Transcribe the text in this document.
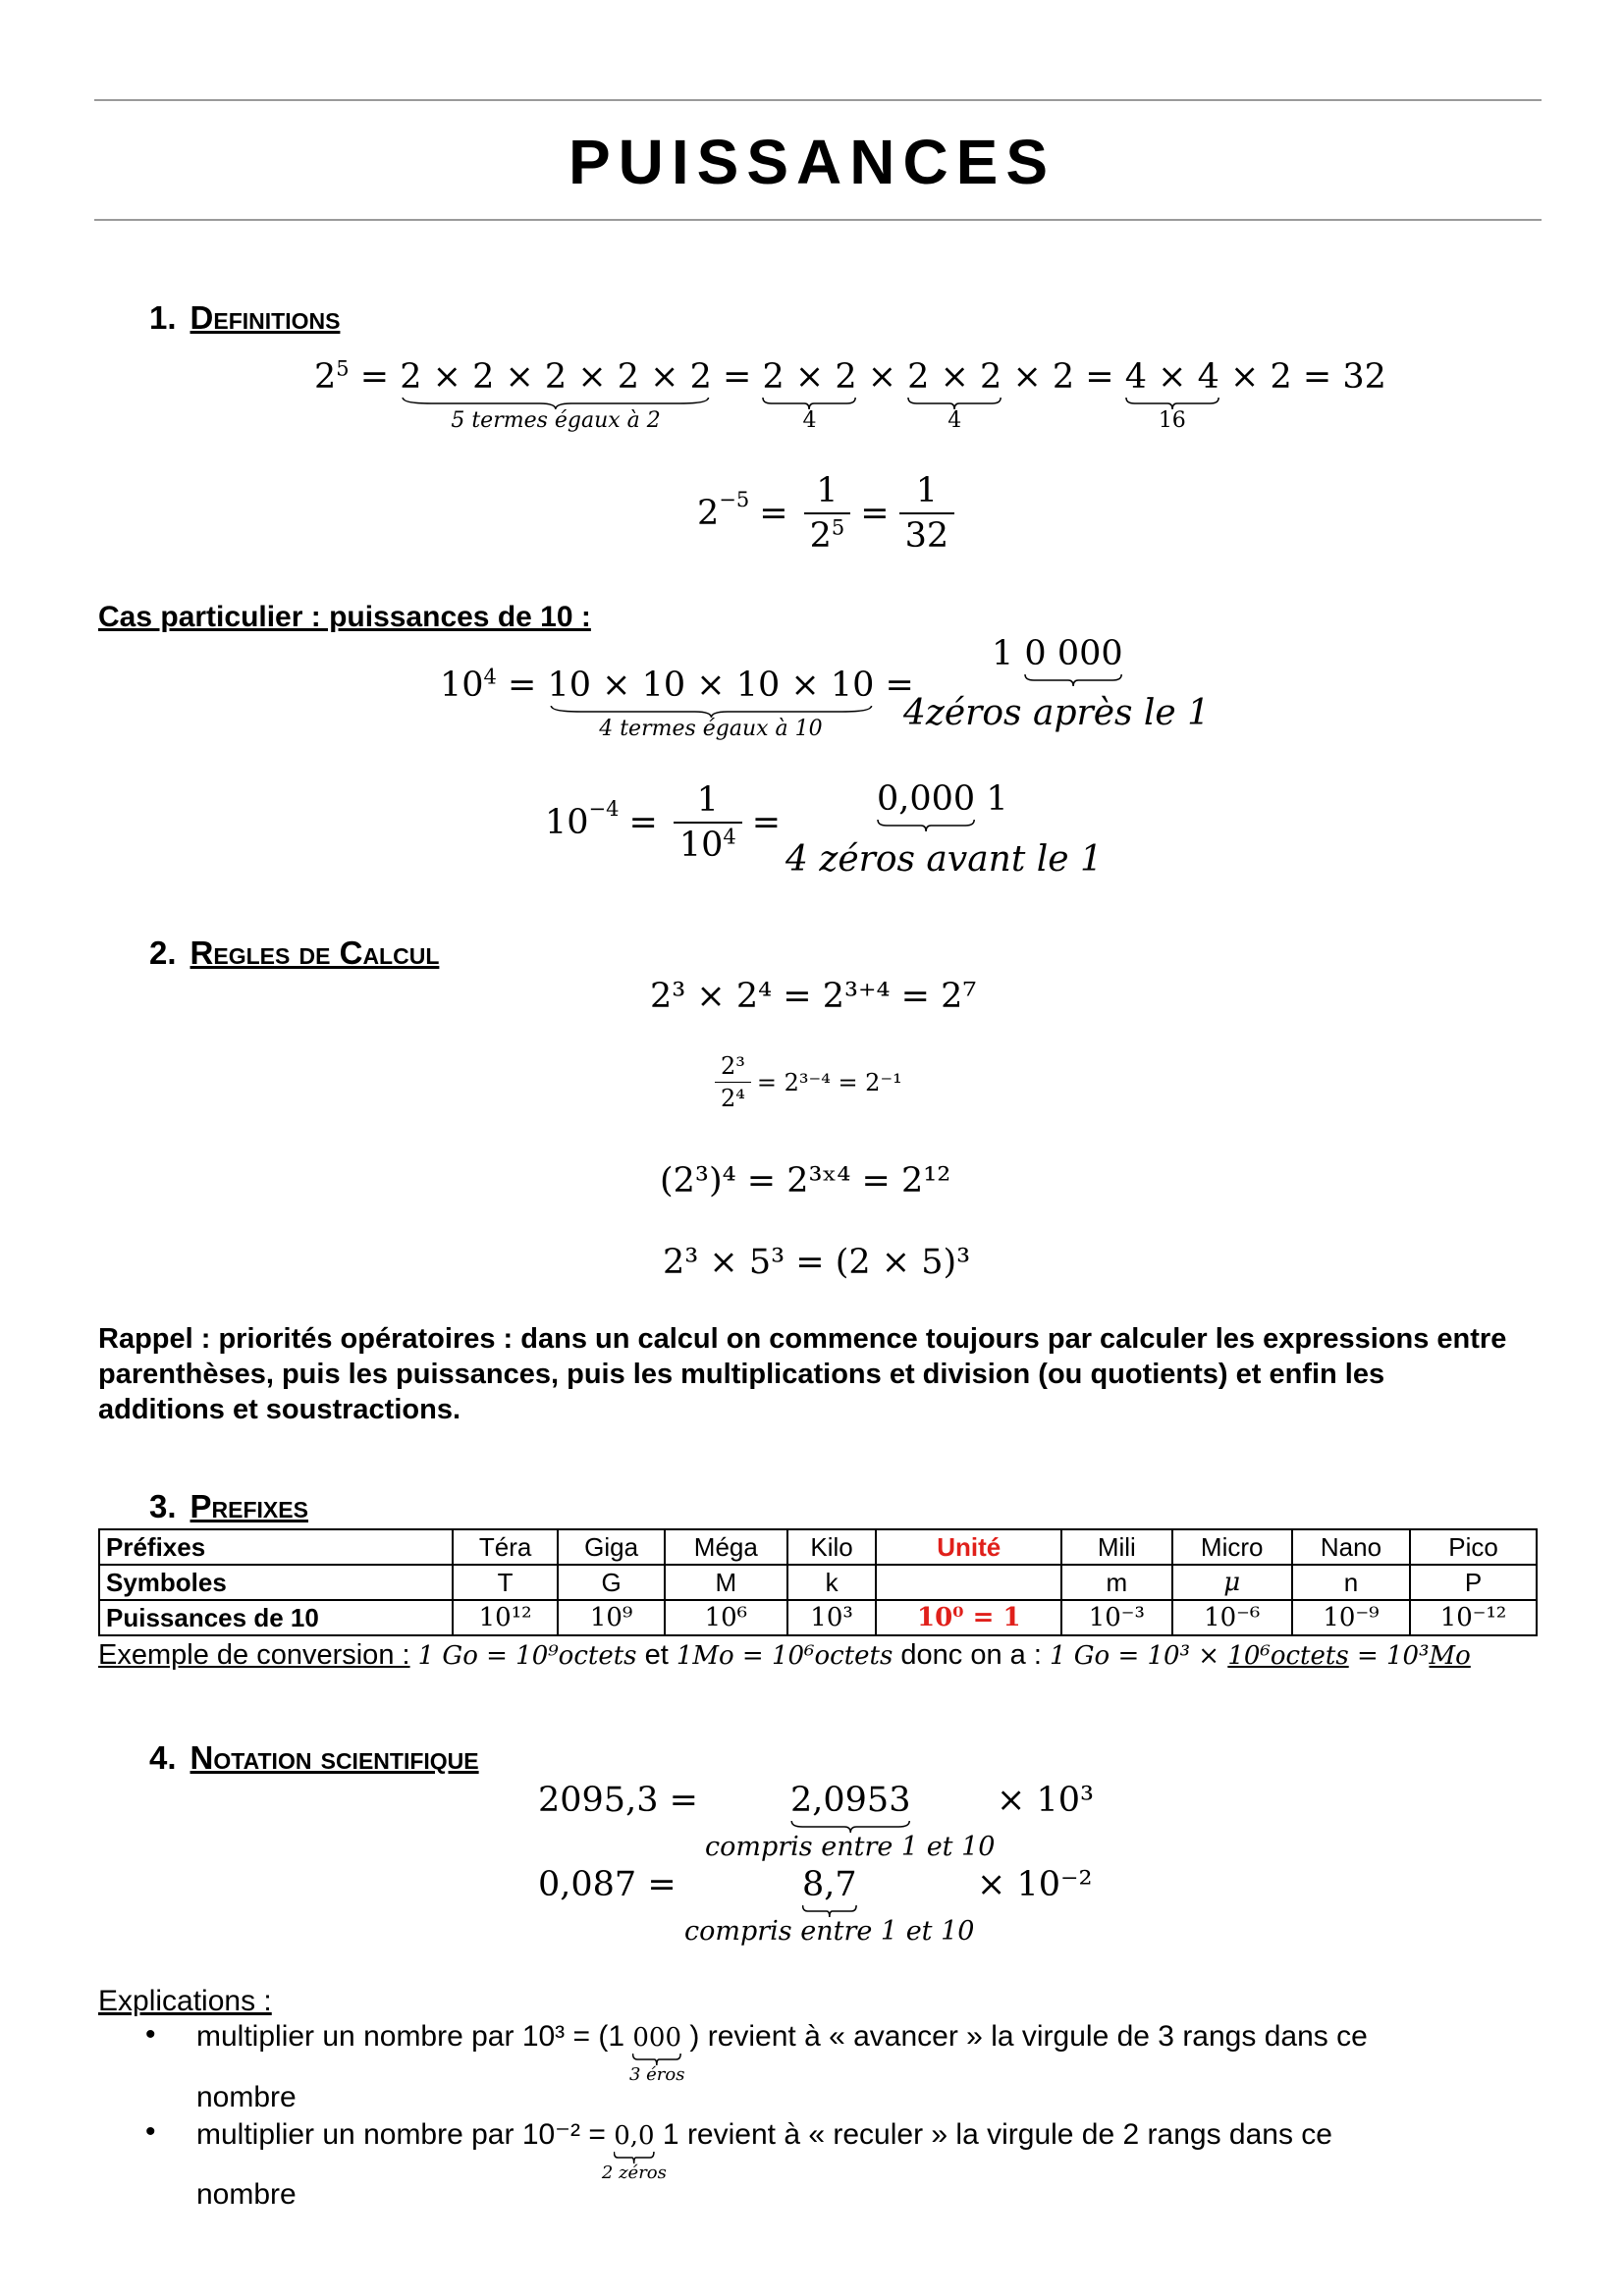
PUISSANCES
1. Definitions
$2^5 = 2 \times 2 \times 2 \times 2 \times 2$
5 termes égaux à 2
= 2 × 2
4
× 2 × 2
4
× 2 = 4 × 4
16
× 2 = 32
$2^{-5} = \frac{1}{2^5} = \frac{1}{32}$
Cas particulier : puissances de 10 :
$10^4 = 10 \times 10 \times 10 \times 10$
4 termes égaux à 10
=
1 0 000
4zéros après le 1
$10^{-4} = \frac{1}{10^4}$ =
0,000 1
4 zéros avant le 1
2. Regles de Calcul
2³ × 2⁴ = 2³⁺⁴ = 2⁷
$\frac{\text{2³}}{\text{2⁴}} = 2^{3-4} = 2^{-1}$
(2³)⁴ = 2³ˣ⁴ = 2¹²
2³ × 5³ = (2 × 5)³
Rappel : priorités opératoires : dans un calcul on commence toujours par calculer les expressions entre parenthèses, puis les puissances, puis les multiplications et division (ou quotients) et enfin les additions et soustractions.
3. Prefixes
Préfixes	Téra	Giga	Méga	Kilo	Unité	Mili	Micro	Nano	Pico
Symboles	T	G	M	k		m	μ	n	P
Puissances de 10	10¹²	10⁹	10⁶	10³	10⁰ = 1	10⁻³	10⁻⁶	10⁻⁹	10⁻¹²
Exemple de conversion : 1 Go = 10⁹octets et 1Mo = 10⁶octets donc on a : 1 Go = 10³ × 10⁶octets = 10³Mo
4. Notation scientifique
2095,3 =	2,0953
compris entre 1 et 10
× 10³
0,087 =	8,7
compris entre 1 et 10
× 10⁻²
Explications :
• multiplier un nombre par 10³ = (1 000
3 éros
) revient à « avancer » la virgule de 3 rangs dans ce
nombre
• multiplier un nombre par 10⁻² = 0,0
2 zéros
1 revient à « reculer » la virgule de 2 rangs dans ce
nombre
